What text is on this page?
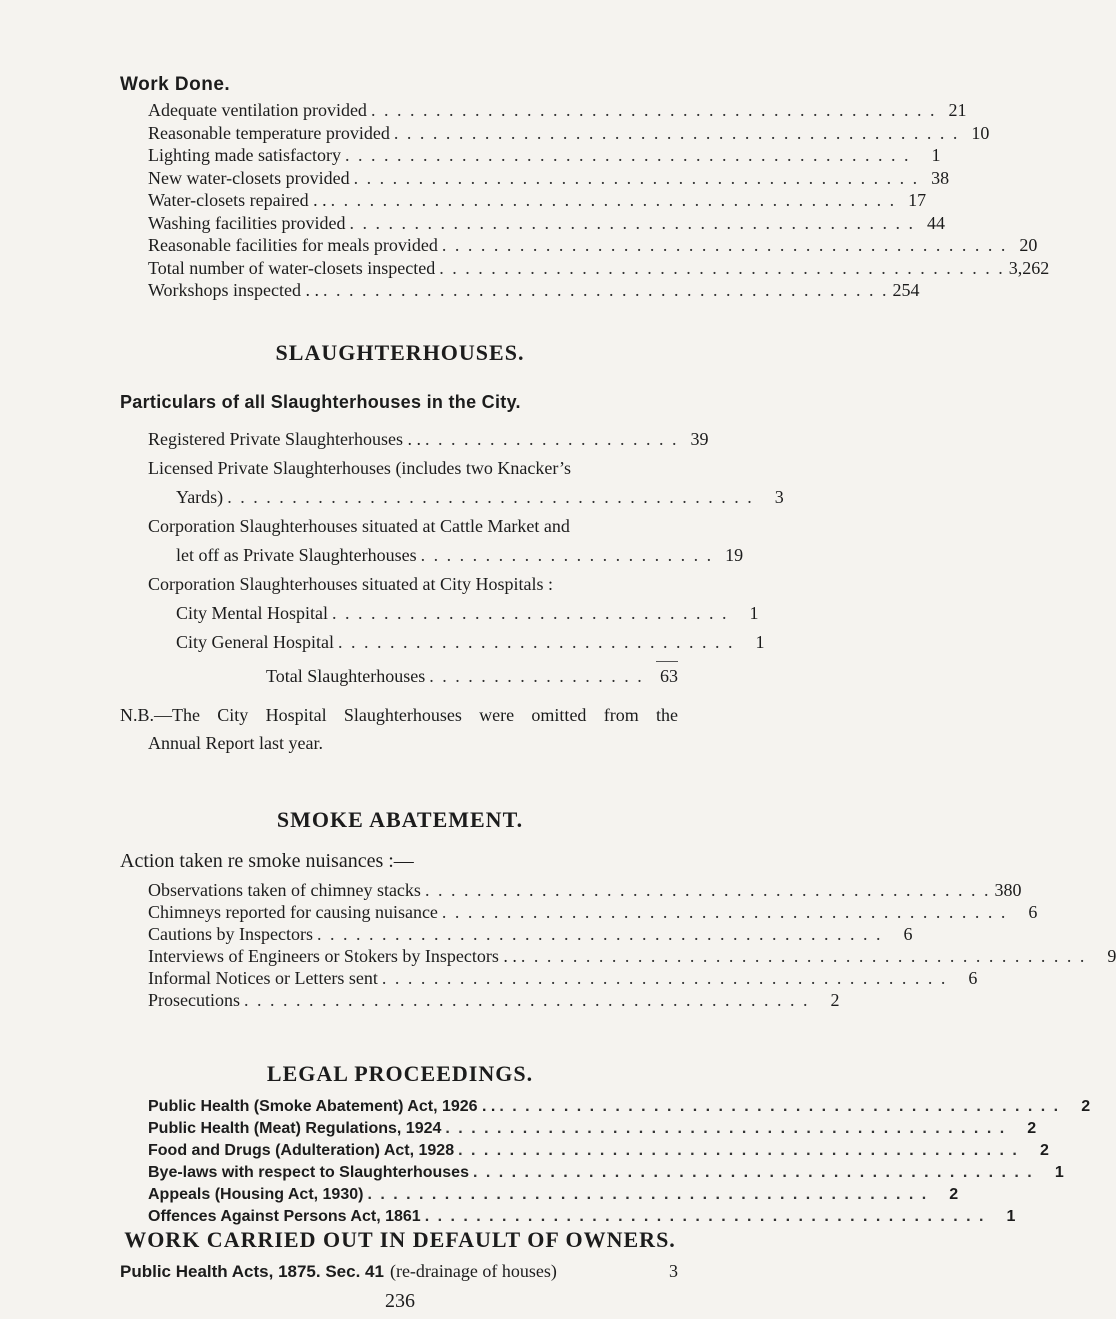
Work Done.
Adequate ventilation provided . . . . . . . . . . . . . . . . . . . . . . . . . . . . . . . . . . . . . . . . . . . . 21
Reasonable temperature provided . . . . . . . . . . . . . . . . . . . . . . . . . . . . . . . . . . . . . . . . . . . . 10
Lighting made satisfactory . . . . . . . . . . . . . . . . . . . . . . . . . . . . . . . . . . . . . . . . . . . .	1
New water-closets provided . . . . . . . . . . . . . . . . . . . . . . . . . . . . . . . . . . . . . . . . . . . . 38
Water-closets repaired . . . . . . . . . . . . . . . . . . . . . . . . . . . . . . . . . . . . . . . . . . . . . . 17
Washing facilities provided . . . . . . . . . . . . . . . . . . . . . . . . . . . . . . . . . . . . . . . . . . . . 44
Reasonable facilities for meals provided . . . . . . . . . . . . . . . . . . . . . . . . . . . . . . . . . . . . . . . . . . . . 20
Total number of water-closets inspected . . . . . . . . . . . . . . . . . . . . . . . . . . . . . . . . . . . . . . . . . . . . 3,262
Workshops inspected . . . . . . . . . . . . . . . . . . . . . . . . . . . . . . . . . . . . . . . . . . . . . . 254
SLAUGHTERHOUSES.
Particulars of all Slaughterhouses in the City.
Registered Private Slaughterhouses . . . . . . . . . . . . . . . . . . . . . . 39
Licensed Private Slaughterhouses (includes two Knacker’s
Yards) . . . . . . . . . . . . . . . . . . . . . . . . . . . . . . . . . . . . . . . . .	3
Corporation Slaughterhouses situated at Cattle Market and
let off as Private Slaughterhouses . . . . . . . . . . . . . . . . . . . . . . . 19
Corporation Slaughterhouses situated at City Hospitals :
City Mental Hospital . . . . . . . . . . . . . . . . . . . . . . . . . . . . . . .	1
City General Hospital . . . . . . . . . . . . . . . . . . . . . . . . . . . . . . .	1
Total Slaughterhouses . . . . . . . . . . . . . . . . . 63
N.B.—The City Hospital Slaughterhouses were omitted from the
Annual Report last year.
SMOKE ABATEMENT.
Action taken re smoke nuisances :—
Observations taken of chimney stacks . . . . . . . . . . . . . . . . . . . . . . . . . . . . . . . . . . . . . . . . . . . . 380
Chimneys reported for causing nuisance . . . . . . . . . . . . . . . . . . . . . . . . . . . . . . . . . . . . . . . . . . . .	6
Cautions by Inspectors . . . . . . . . . . . . . . . . . . . . . . . . . . . . . . . . . . . . . . . . . . . .	6
Interviews of Engineers or Stokers by Inspectors . . . . . . . . . . . . . . . . . . . . . . . . . . . . . . . . . . . . . . . . . . . . . .	9
Informal Notices or Letters sent . . . . . . . . . . . . . . . . . . . . . . . . . . . . . . . . . . . . . . . . . . . .	6
Prosecutions . . . . . . . . . . . . . . . . . . . . . . . . . . . . . . . . . . . . . . . . . . . .	2
LEGAL PROCEEDINGS.
Public Health (Smoke Abatement) Act, 1926 . . . . . . . . . . . . . . . . . . . . . . . . . . . . . . . . . . . . . . . . . . . . . .	2
Public Health (Meat) Regulations, 1924 . . . . . . . . . . . . . . . . . . . . . . . . . . . . . . . . . . . . . . . . . . . .	2
Food and Drugs (Adulteration) Act, 1928 . . . . . . . . . . . . . . . . . . . . . . . . . . . . . . . . . . . . . . . . . . . .	2
Bye-laws with respect to Slaughterhouses . . . . . . . . . . . . . . . . . . . . . . . . . . . . . . . . . . . . . . . . . . . .	1
Appeals (Housing Act, 1930) . . . . . . . . . . . . . . . . . . . . . . . . . . . . . . . . . . . . . . . . . . . .	2
Offences Against Persons Act, 1861 . . . . . . . . . . . . . . . . . . . . . . . . . . . . . . . . . . . . . . . . . . . .	1
WORK CARRIED OUT IN DEFAULT OF OWNERS.
Public Health Acts, 1875. Sec. 41 (re-drainage of houses)	3
236
